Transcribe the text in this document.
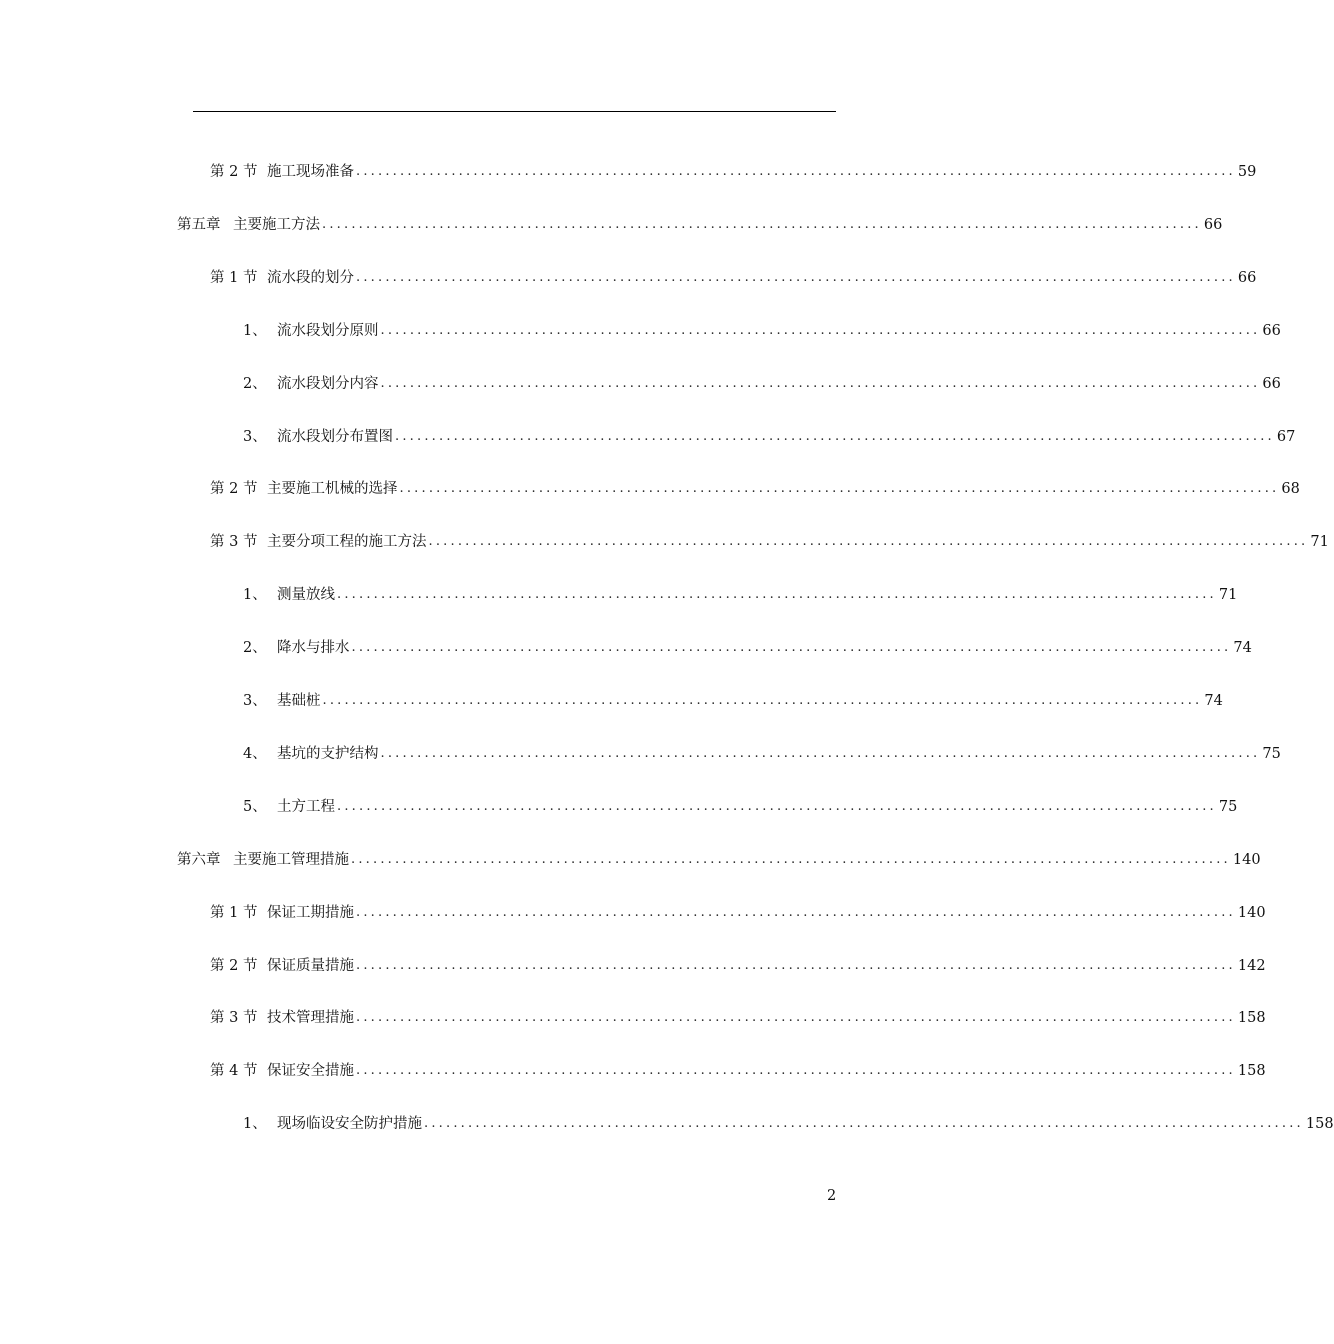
第 2 节 施工现场准备 ........................................................................................................................ 59
第五章 主要施工方法 ........................................................................................................................ 66
第 1 节 流水段的划分 ........................................................................................................................ 66
1、 流水段划分原则 ........................................................................................................................ 66
2、 流水段划分内容 ........................................................................................................................ 66
3、 流水段划分布置图 ........................................................................................................................ 67
第 2 节 主要施工机械的选择 ........................................................................................................................ 68
第 3 节 主要分项工程的施工方法 ........................................................................................................................ 71
1、 测量放线 ........................................................................................................................ 71
2、 降水与排水 ........................................................................................................................ 74
3、 基础桩 ........................................................................................................................ 74
4、 基坑的支护结构 ........................................................................................................................ 75
5、 土方工程 ........................................................................................................................ 75
第六章 主要施工管理措施 ........................................................................................................................ 140
第 1 节 保证工期措施 ........................................................................................................................ 140
第 2 节 保证质量措施 ........................................................................................................................ 142
第 3 节 技术管理措施 ........................................................................................................................ 158
第 4 节 保证安全措施 ........................................................................................................................ 158
1、 现场临设安全防护措施 ........................................................................................................................ 158
2
